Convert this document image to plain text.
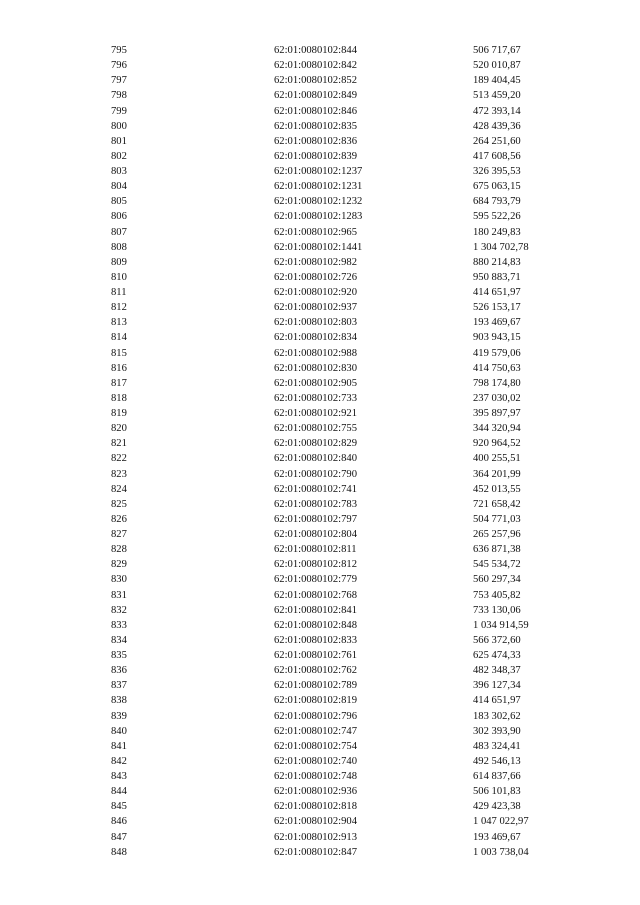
795	62:01:0080102:844	506 717,67
796	62:01:0080102:842	520 010,87
797	62:01:0080102:852	189 404,45
798	62:01:0080102:849	513 459,20
799	62:01:0080102:846	472 393,14
800	62:01:0080102:835	428 439,36
801	62:01:0080102:836	264 251,60
802	62:01:0080102:839	417 608,56
803	62:01:0080102:1237	326 395,53
804	62:01:0080102:1231	675 063,15
805	62:01:0080102:1232	684 793,79
806	62:01:0080102:1283	595 522,26
807	62:01:0080102:965	180 249,83
808	62:01:0080102:1441	1 304 702,78
809	62:01:0080102:982	880 214,83
810	62:01:0080102:726	950 883,71
811	62:01:0080102:920	414 651,97
812	62:01:0080102:937	526 153,17
813	62:01:0080102:803	193 469,67
814	62:01:0080102:834	903 943,15
815	62:01:0080102:988	419 579,06
816	62:01:0080102:830	414 750,63
817	62:01:0080102:905	798 174,80
818	62:01:0080102:733	237 030,02
819	62:01:0080102:921	395 897,97
820	62:01:0080102:755	344 320,94
821	62:01:0080102:829	920 964,52
822	62:01:0080102:840	400 255,51
823	62:01:0080102:790	364 201,99
824	62:01:0080102:741	452 013,55
825	62:01:0080102:783	721 658,42
826	62:01:0080102:797	504 771,03
827	62:01:0080102:804	265 257,96
828	62:01:0080102:811	636 871,38
829	62:01:0080102:812	545 534,72
830	62:01:0080102:779	560 297,34
831	62:01:0080102:768	753 405,82
832	62:01:0080102:841	733 130,06
833	62:01:0080102:848	1 034 914,59
834	62:01:0080102:833	566 372,60
835	62:01:0080102:761	625 474,33
836	62:01:0080102:762	482 348,37
837	62:01:0080102:789	396 127,34
838	62:01:0080102:819	414 651,97
839	62:01:0080102:796	183 302,62
840	62:01:0080102:747	302 393,90
841	62:01:0080102:754	483 324,41
842	62:01:0080102:740	492 546,13
843	62:01:0080102:748	614 837,66
844	62:01:0080102:936	506 101,83
845	62:01:0080102:818	429 423,38
846	62:01:0080102:904	1 047 022,97
847	62:01:0080102:913	193 469,67
848	62:01:0080102:847	1 003 738,04
